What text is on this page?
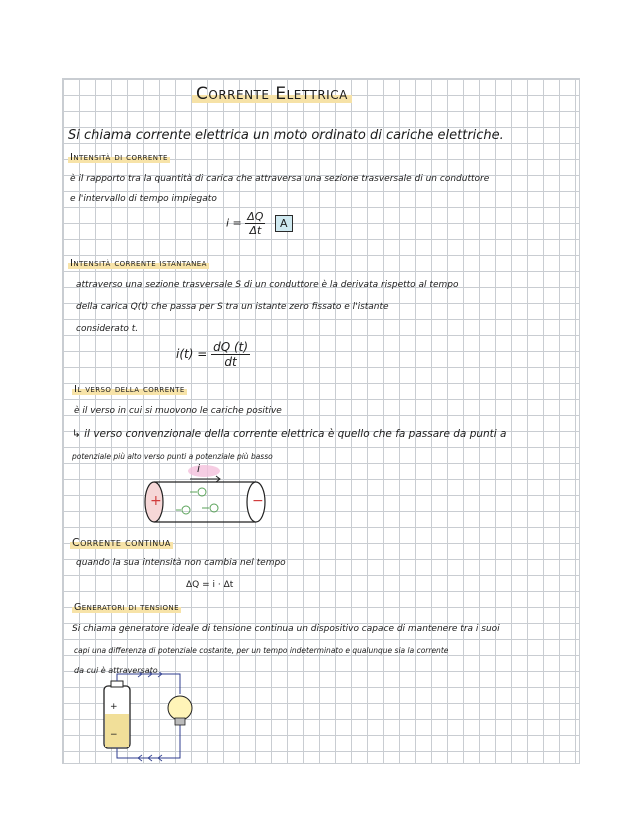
Corrente Elettrica
Si chiama corrente elettrica un moto ordinato di cariche elettriche.
Intensità di corrente
è il rapporto tra la quantità di carica che attraversa una sezione trasversale di un conduttore
e l'intervallo di tempo impiegato
$i = \frac{\Delta Q}{\Delta t}$ A
Intensità corrente istantanea
attraverso una sezione trasversale S di un conduttore è la derivata rispetto al tempo
della carica Q(t) che passa per S tra un istante zero fissato e l'istante
considerato t.
$i(t) = \frac{dQ (t)}{dt}$
Il verso della corrente
è il verso in cui si muovono le cariche positive
↳ il verso convenzionale della corrente elettrica è quello che fa passare da punti a
potenziale più alto verso punti a potenziale più basso
i
+	−
Corrente continua
quando la sua intensità non cambia nel tempo
ΔQ = i · Δt
Generatori di tensione
Si chiama generatore ideale di tensione continua un dispositivo capace di mantenere tra i suoi
capi una differenza di potenziale costante, per un tempo indeterminato e qualunque sia la corrente
da cui è attraversato
+
−
